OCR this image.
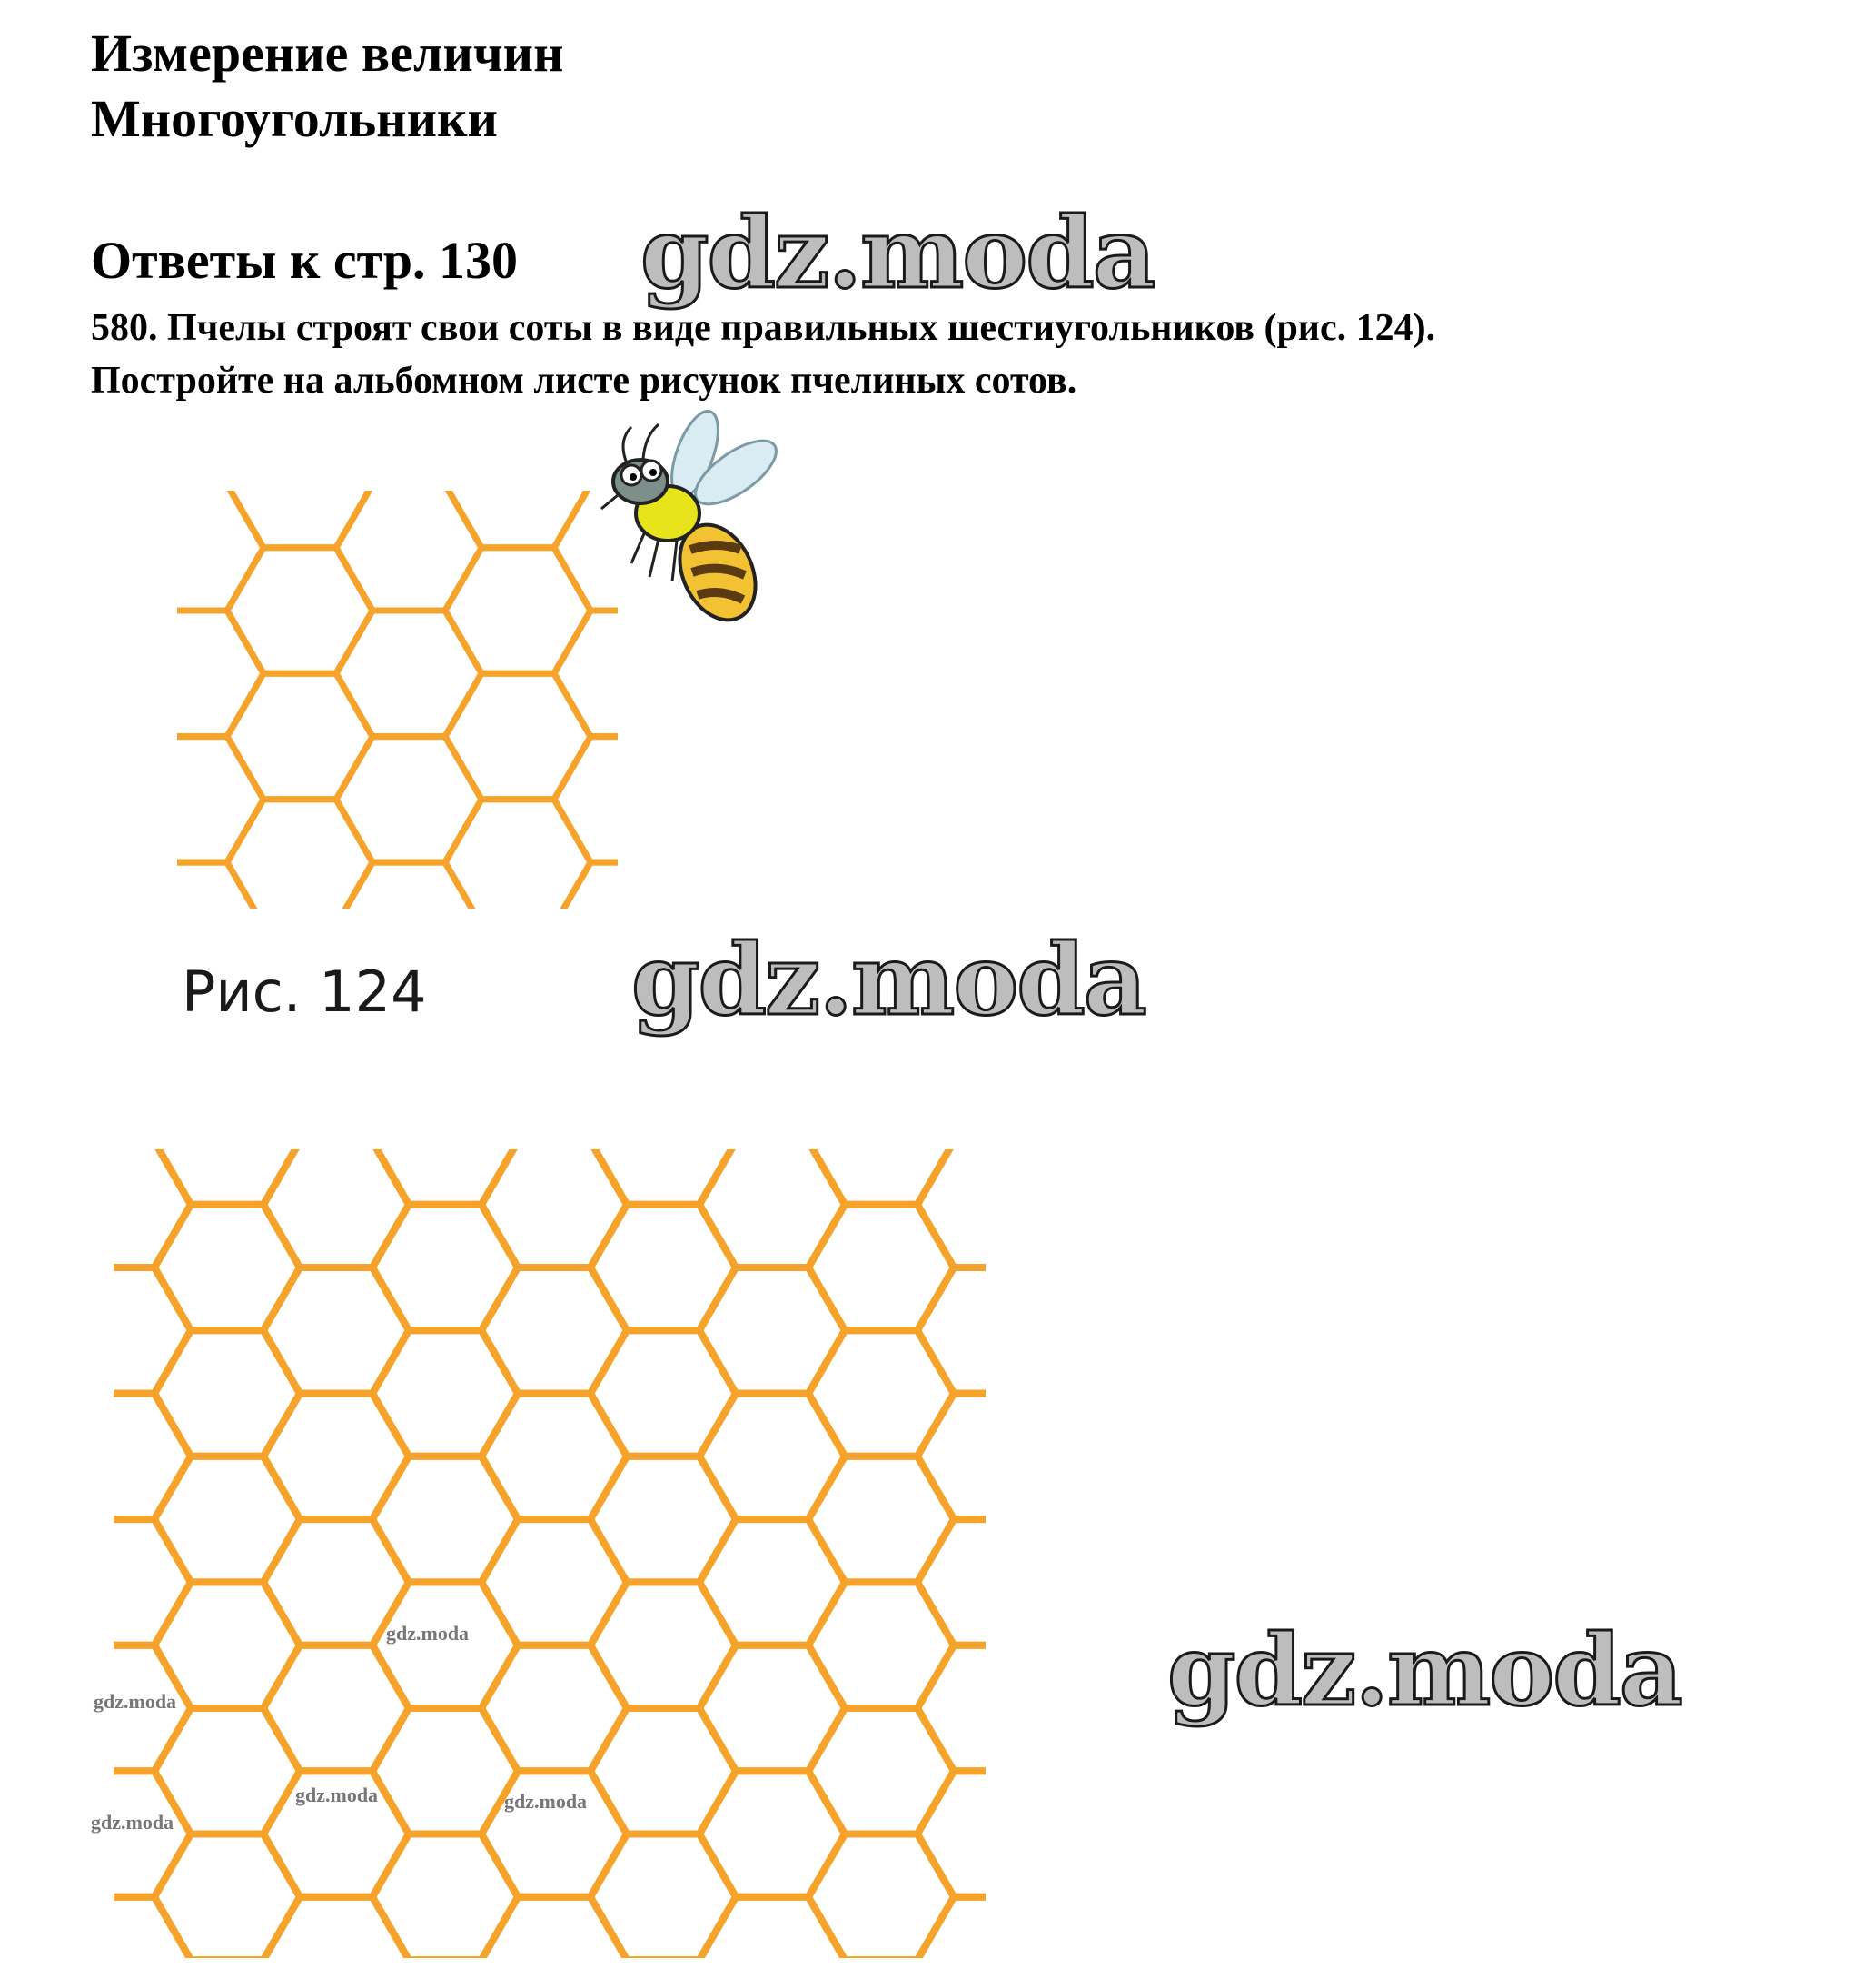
Измерение величин
Многоугольники
Ответы к стр. 130
580. Пчелы строят свои соты в виде правильных шестиугольников (рис. 124).
Постройте на альбомном листе рисунок пчелиных сотов.
Рис. 124
gdz.moda
gdz.moda
gdz.moda
gdz.moda
gdz.moda
gdz.moda	gdz.moda
gdz.moda
